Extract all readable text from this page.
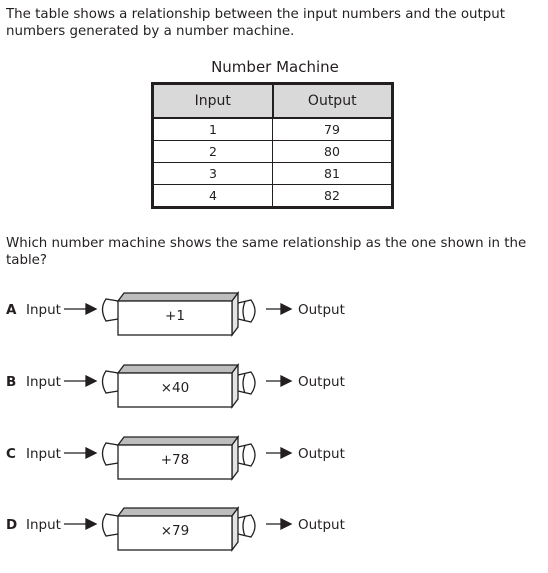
The table shows a relationship between the input numbers and the output numbers generated by a number machine.

Number Machine
Input	Output
1	79
2	80
3	81
4	82

Which number machine shows the same relationship as the one shown in the table?

A Input	+1	Output
B Input	×40	Output
C Input	+78	Output
D Input	×79	Output
